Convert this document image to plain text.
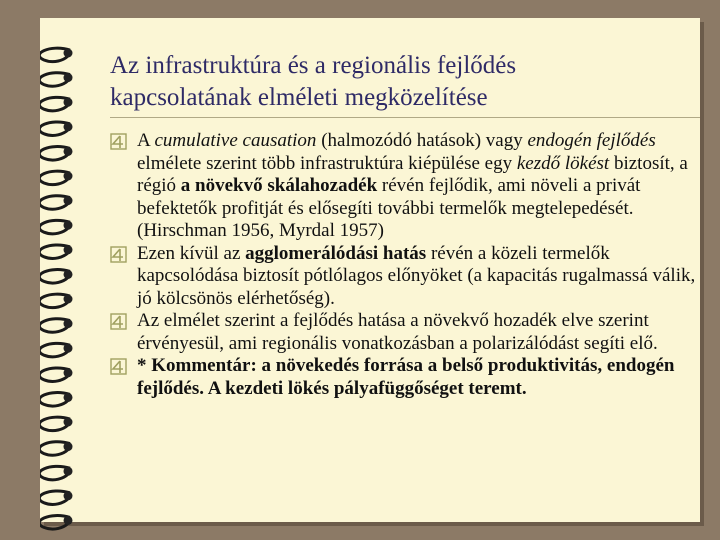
Az infrastruktúra és a regionális fejlődés
kapcsolatának elméleti megközelítése
A cumulative causation (halmozódó hatások) vagy endogén fejlődés elmélete szerint több infrastruktúra kiépülése egy kezdő lökést biztosít, a régió a növekvő skálahozadék révén fejlődik, ami növeli a privát befektetők profitját és elősegíti további termelők megtelepedését. (Hirschman 1956, Myrdal 1957)
Ezen kívül az agglomerálódási hatás révén a közeli termelők kapcsolódása biztosít pótlólagos előnyöket (a kapacitás rugalmassá válik, jó kölcsönös elérhetőség).
Az elmélet szerint a fejlődés hatása a növekvő hozadék elve szerint érvényesül, ami regionális vonatkozásban a polarizálódást segíti elő.
* Kommentár: a növekedés forrása a belső produktivitás, endogén fejlődés. A kezdeti lökés pályafüggőséget teremt.
